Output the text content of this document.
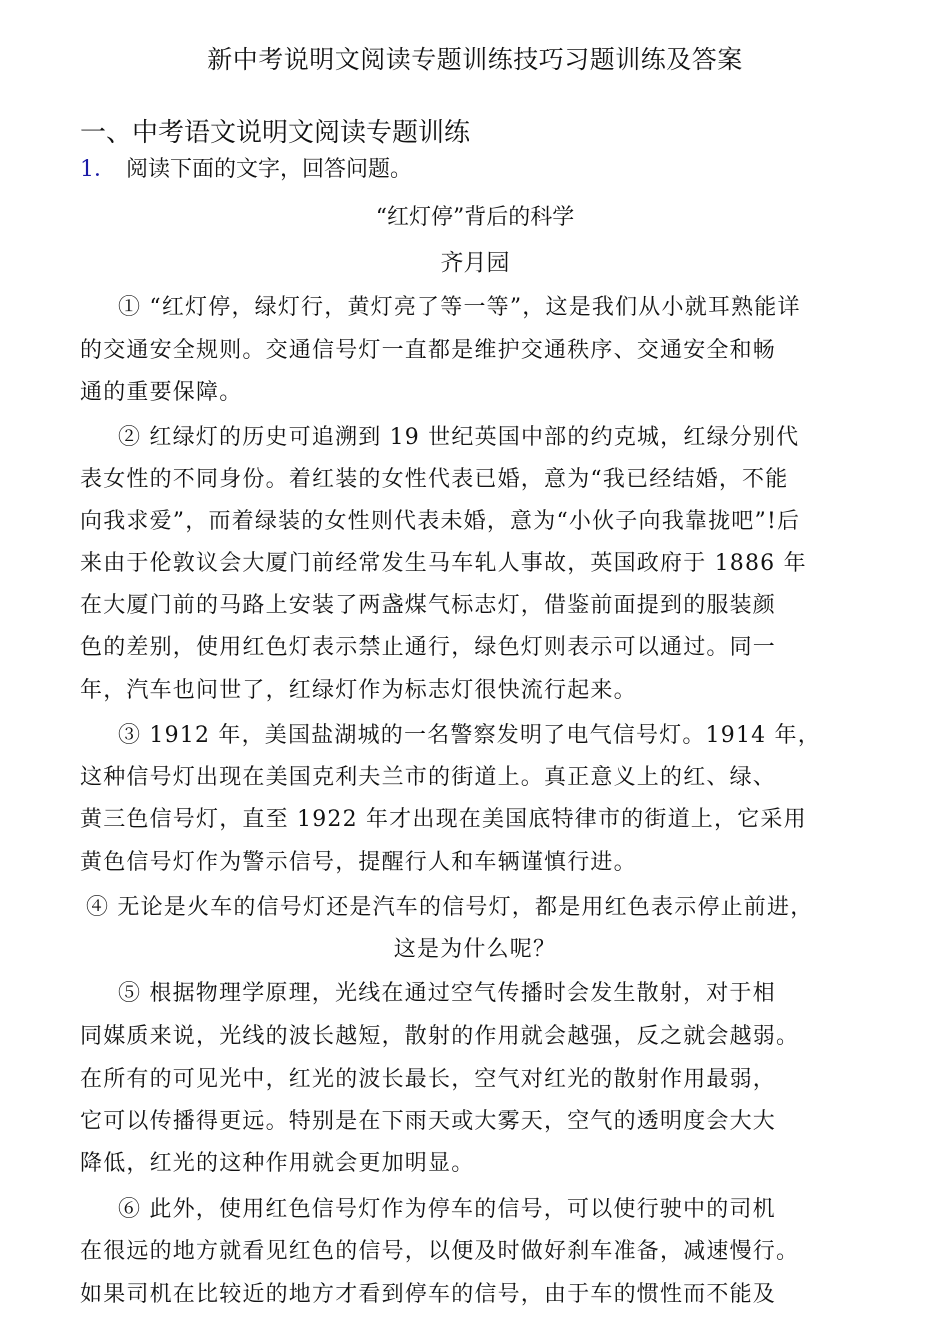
新中考说明文阅读专题训练技巧习题训练及答案
一、中考语文说明文阅读专题训练
1． 阅读下面的文字，回答问题。
“红灯停”背后的科学
齐月园
① “红灯停，绿灯行，黄灯亮了等一等”，这是我们从小就耳熟能详
的交通安全规则。交通信号灯一直都是维护交通秩序、交通安全和畅
通的重要保障。
② 红绿灯的历史可追溯到 19 世纪英国中部的约克城，红绿分别代
表女性的不同身份。着红装的女性代表已婚，意为“我已经结婚，不能
向我求爱”，而着绿装的女性则代表未婚，意为“小伙子向我靠拢吧”!后
来由于伦敦议会大厦门前经常发生马车轧人事故，英国政府于 1886 年
在大厦门前的马路上安装了两盏煤气标志灯，借鉴前面提到的服装颜
色的差别，使用红色灯表示禁止通行，绿色灯则表示可以通过。同一
年，汽车也问世了，红绿灯作为标志灯很快流行起来。
③ 1912 年，美国盐湖城的一名警察发明了电气信号灯。1914 年，
这种信号灯出现在美国克利夫兰市的街道上。真正意义上的红、绿、
黄三色信号灯，直至 1922 年才出现在美国底特律市的街道上，它采用
黄色信号灯作为警示信号，提醒行人和车辆谨慎行进。
④ 无论是火车的信号灯还是汽车的信号灯，都是用红色表示停止前进，
这是为什么呢？
⑤ 根据物理学原理，光线在通过空气传播时会发生散射，对于相
同媒质来说，光线的波长越短，散射的作用就会越强，反之就会越弱。
在所有的可见光中，红光的波长最长，空气对红光的散射作用最弱，
它可以传播得更远。特别是在下雨天或大雾天，空气的透明度会大大
降低，红光的这种作用就会更加明显。
⑥ 此外，使用红色信号灯作为停车的信号，可以使行驶中的司机
在很远的地方就看见红色的信号，以便及时做好刹车准备，减速慢行。
如果司机在比较近的地方才看到停车的信号，由于车的惯性而不能及
